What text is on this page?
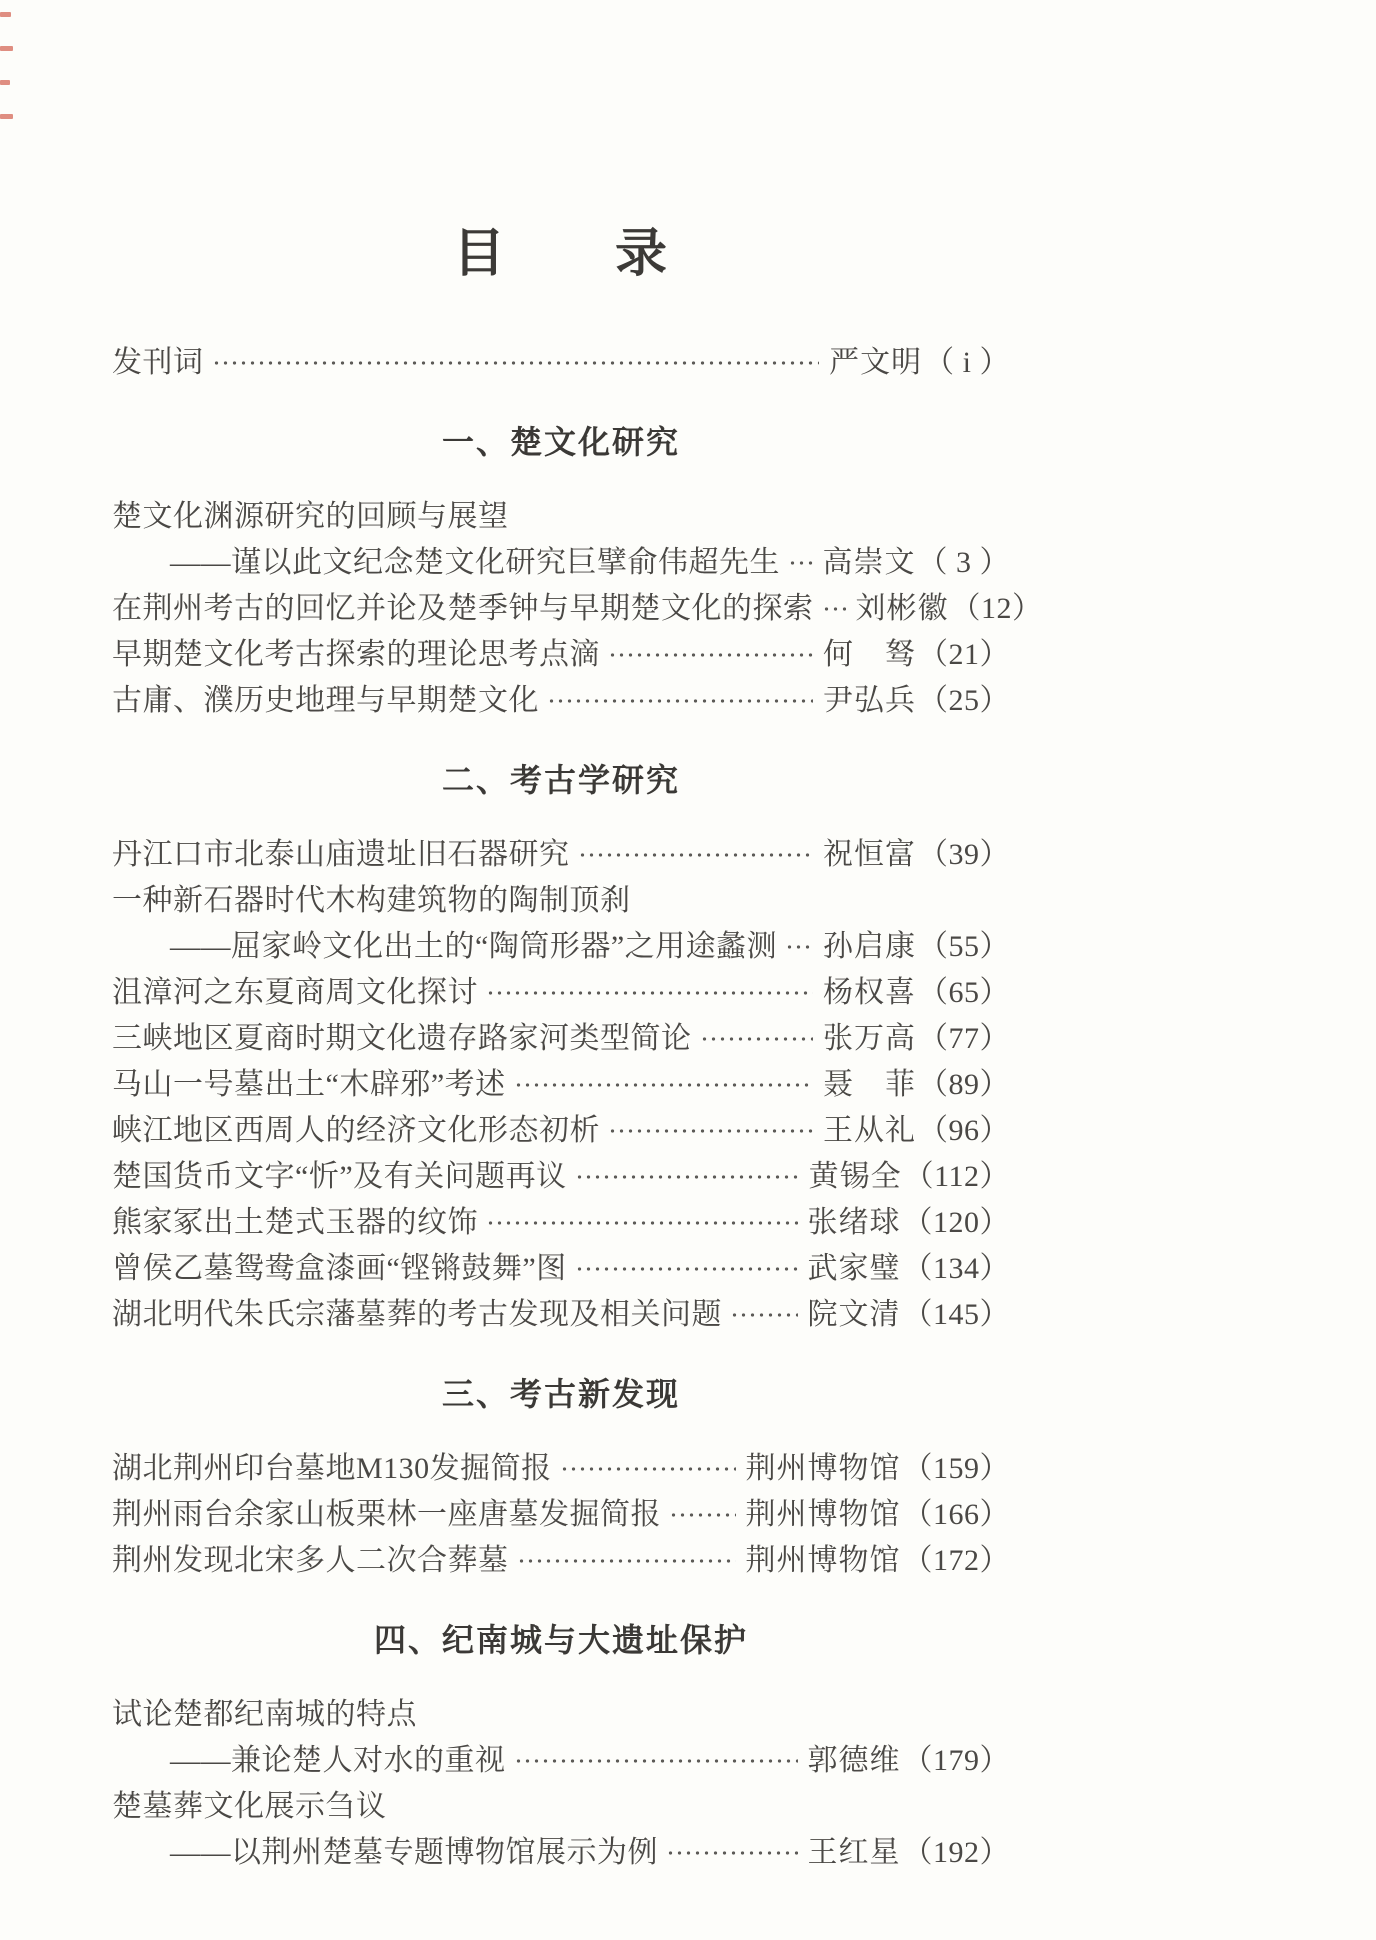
目　　录
发刊词	严文明 （ i ）
一、楚文化研究
楚文化渊源研究的回顾与展望
——谨以此文纪念楚文化研究巨擘俞伟超先生 高崇文 （ 3 ）
在荆州考古的回忆并论及楚季钟与早期楚文化的探索 刘彬徽 （12）
早期楚文化考古探索的理论思考点滴	何　驽 （21）
古庸、濮历史地理与早期楚文化	尹弘兵 （25）
二、考古学研究
丹江口市北泰山庙遗址旧石器研究	祝恒富 （39）
一种新石器时代木构建筑物的陶制顶刹
——屈家岭文化出土的“陶筒形器”之用途蠡测 孙启康 （55）
沮漳河之东夏商周文化探讨	杨权喜 （65）
三峡地区夏商时期文化遗存路家河类型简论	张万高 （77）
马山一号墓出土“木辟邪”考述	聂　菲 （89）
峡江地区西周人的经济文化形态初析	王从礼 （96）
楚国货币文字“忻”及有关问题再议	黄锡全 （112）
熊家冢出土楚式玉器的纹饰	张绪球 （120）
曾侯乙墓鸳鸯盒漆画“铿锵鼓舞”图	武家璧 （134）
湖北明代朱氏宗藩墓葬的考古发现及相关问题	院文清 （145）
三、考古新发现
湖北荆州印台墓地M130发掘简报	荆州博物馆 （159）
荆州雨台余家山板栗林一座唐墓发掘简报	荆州博物馆 （166）
荆州发现北宋多人二次合葬墓	荆州博物馆 （172）
四、纪南城与大遗址保护
试论楚都纪南城的特点
——兼论楚人对水的重视	郭德维 （179）
楚墓葬文化展示刍议
——以荆州楚墓专题博物馆展示为例	王红星 （192）
